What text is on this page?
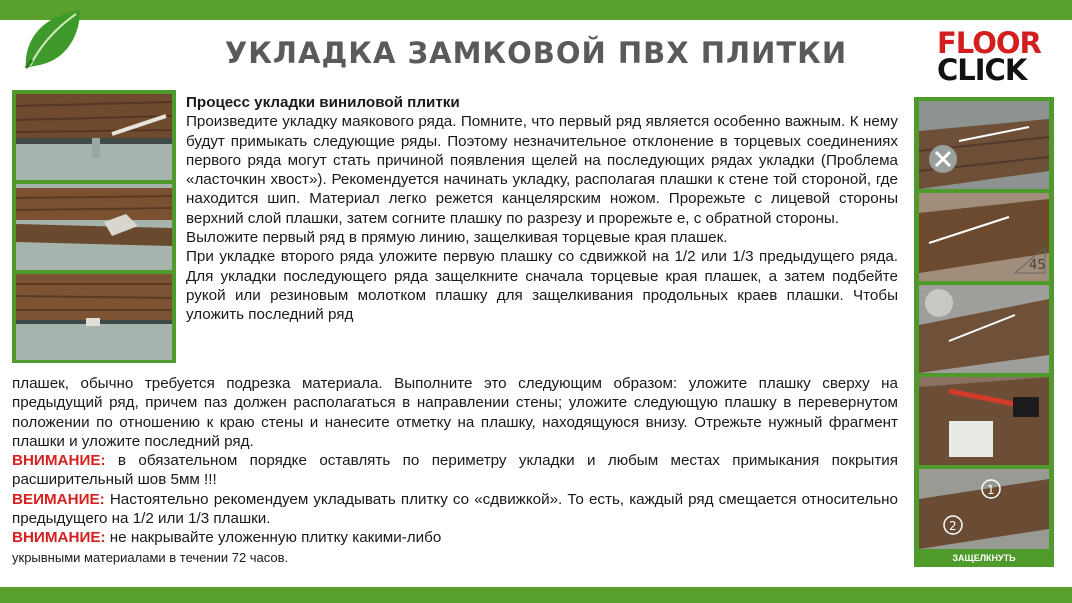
УКЛАДКА ЗАМКОВОЙ ПВХ ПЛИТКИ	FLOOR
CLICK
45
1
2
ЗАЩЕЛКНУТЬ
Процесс укладки виниловой плитки
Произведите укладку маякового ряда. Помните, что первый ряд является особенно важным. К нему будут примыкать следующие ряды. Поэтому незначительное отклонение в торцевых соединениях первого ряда могут стать причиной появления щелей на последующих рядах укладки (Проблема «ласточкин хвост»). Рекомендуется начинать укладку, располагая плашки к стене той стороной, где находится шип. Материал легко режется канцелярским ножом. Прорежьте с лицевой стороны верхний слой плашки, затем согните плашку по разрезу и прорежьте е, с обратной стороны.
Выложите первый ряд в прямую линию, защелкивая торцевые края плашек.
При укладке второго ряда уложите первую плашку со сдвижкой на 1/2 или 1/3 предыдущего ряда. Для укладки последующего ряда защелкните сначала торцевые края плашек, а затем подбейте рукой или резиновым молотком плашку для защелкивания продольных краев плашки. Чтобы уложить последний ряд
плашек, обычно требуется подрезка материала. Выполните это следующим образом: уложите плашку сверху на предыдущий ряд, причем паз должен располагаться в направлении стены; уложите следующую плашку в перевернутом положении по отношению к краю стены и нанесите отметку на плашку, находящуюся внизу. Отрежьте нужный фрагмент плашки и уложите последний ряд.
ВНИМАНИЕ: в обязательном порядке оставлять по периметру укладки и любым местах примыкания покрытия расширительный шов 5мм !!!
ВЕИМАНИЕ: Настоятельно рекомендуем укладывать плитку со «сдвижкой». То есть, каждый ряд смещается относительно предыдущего на 1/2 или 1/3 плашки.
ВНИМАНИЕ: не накрывайте уложенную плитку какими-либо
укрывными материалами в течении 72 часов.
